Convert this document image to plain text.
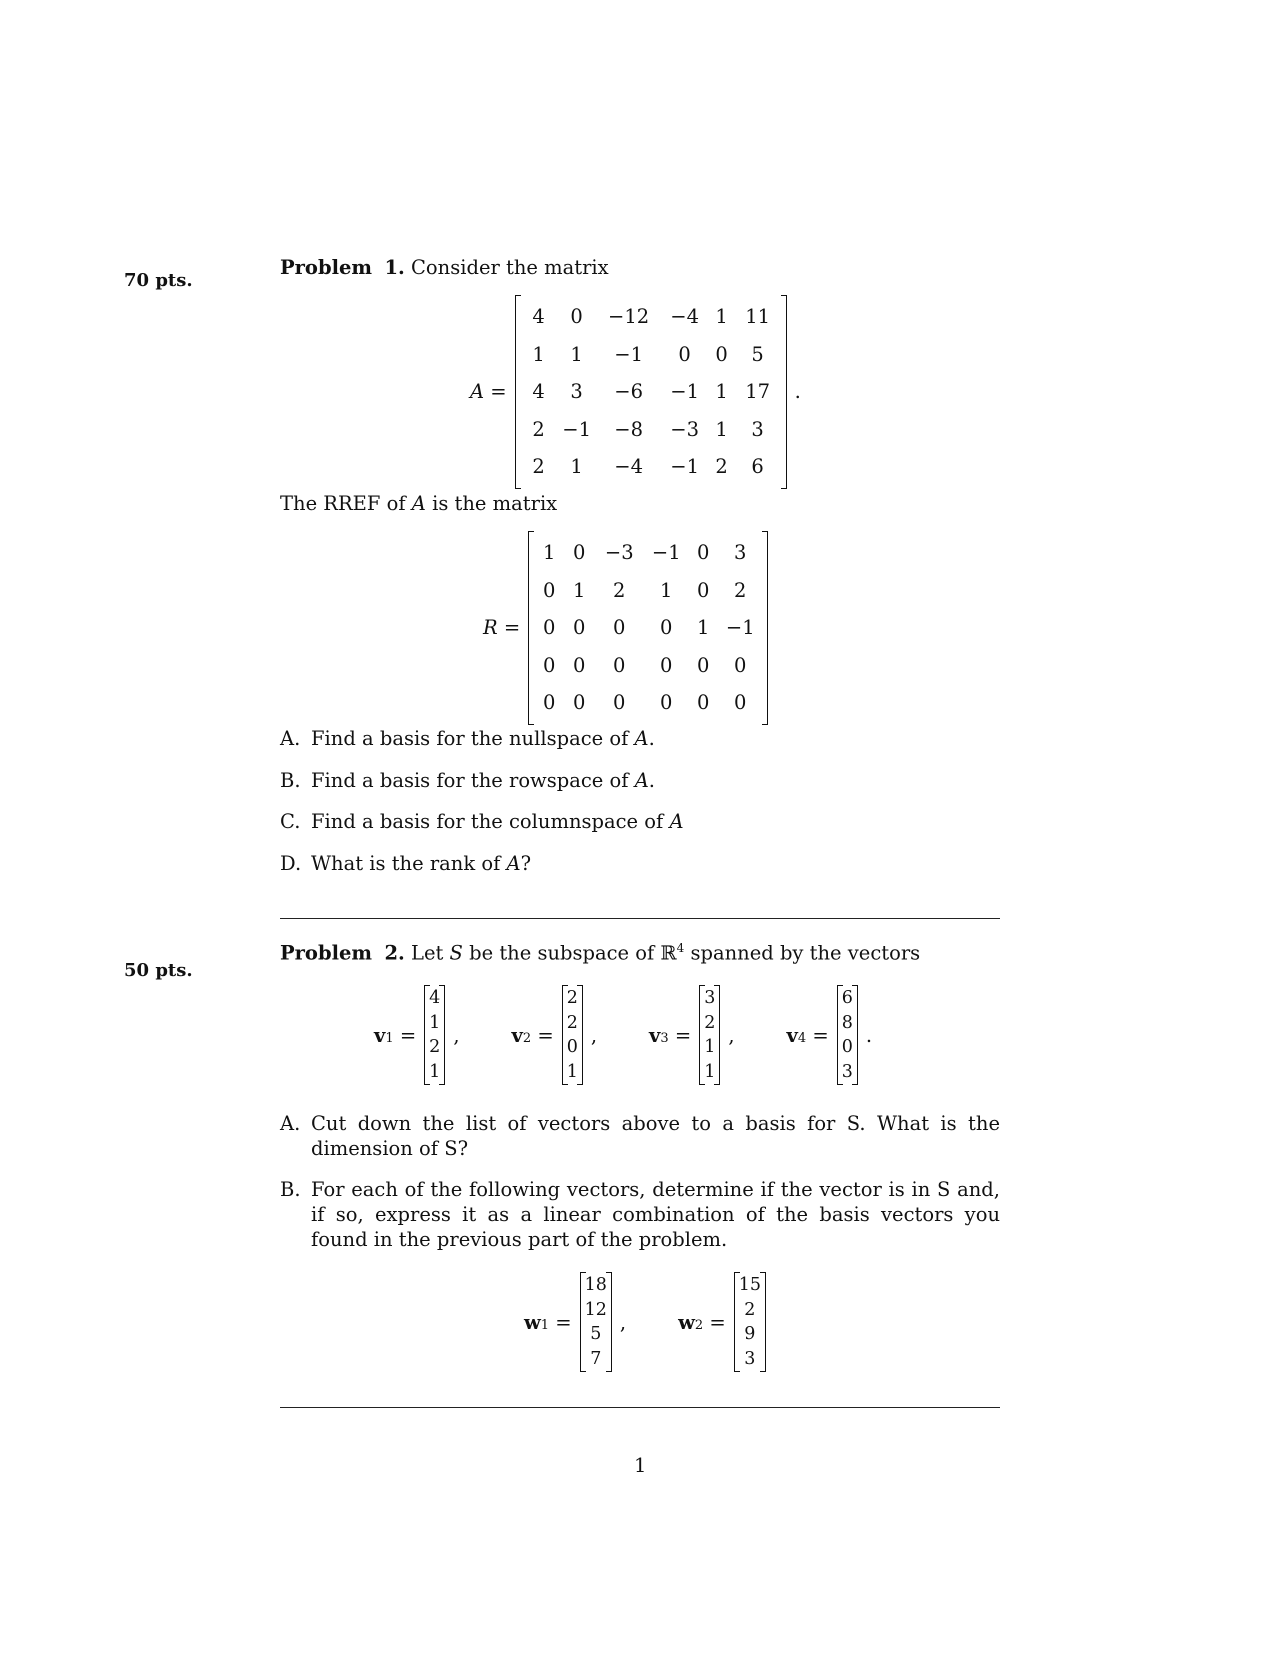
70 pts.
Problem 1. Consider the matrix
A =
4	0	−12	−4	1	11
1	1	−1	0	0	5
4	3	−6	−1	1	17
2	−1	−8	−3	1	3
2	1	−4	−1	2	6
.
The RREF of A is the matrix
R =
1	0	−3	−1	0	3
0	1	2	1	0	2
0	0	0	0	1	−1
0	0	0	0	0	0
0	0	0	0	0	0
A. Find a basis for the nullspace of A.
B. Find a basis for the rowspace of A.
C. Find a basis for the columnspace of A
D. What is the rank of A?
50 pts.
Problem 2. Let S be the subspace of ℝ$^4$ spanned by the vectors
v1 =
4
1
2
1
,	v2 =
2
2
0
1
,	v3 =
3
2
1
1
,	v4 =
6
8
0
3
.
A. Cut down the list of vectors above to a basis for S. What is the dimension of S?
B. For each of the following vectors, determine if the vector is in S and, if so, express it as a linear combination of the basis vectors you found in the previous part of the problem.
w1 =
18
12
5
7
,	w2 =
15
2
9
3
1
